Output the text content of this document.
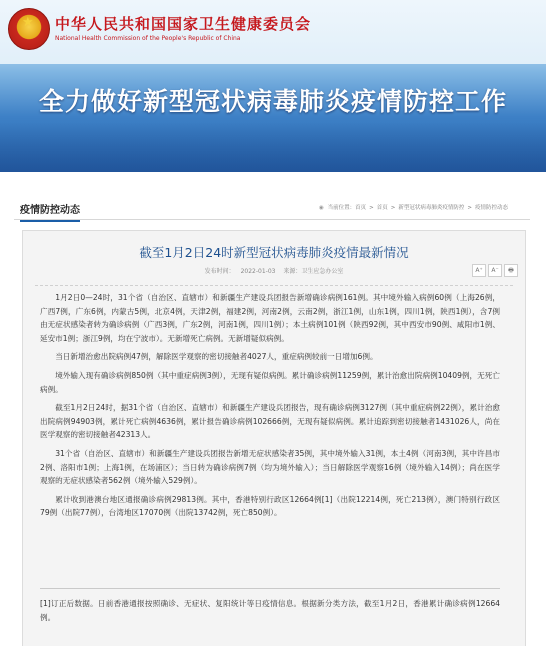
★ 中华人民共和国国家卫生健康委员会
National Health Commission of the People's Republic of China
全力做好新型冠状病毒肺炎疫情防控工作
疫情防控动态	◉ 当前位置：首页 > 首页 > 新型冠状病毒肺炎疫情防控 > 疫情防控动态
截至1月2日24时新型冠状病毒肺炎疫情最新情况
发布时间： 2022-01-03 来源：卫生应急办公室	A⁺	A⁻	🖶

1月2日0—24时，31个省（自治区、直辖市）和新疆生产建设兵团报告新增确诊病例161例。其中境外输入病例60例（上海26例，广西7例，广东6例，内蒙古5例，北京4例，天津2例，福建2例，河南2例，云南2例，浙江1例，山东1例，四川1例，陕西1例），含7例由无症状感染者转为确诊病例（广西3例，广东2例，河南1例，四川1例）；本土病例101例（陕西92例，其中西安市90例、咸阳市1例、延安市1例；浙江9例，均在宁波市）。无新增死亡病例。无新增疑似病例。

当日新增治愈出院病例47例，解除医学观察的密切接触者4027人，重症病例较前一日增加6例。

境外输入现有确诊病例850例（其中重症病例3例），无现有疑似病例。累计确诊病例11259例，累计治愈出院病例10409例，无死亡病例。

截至1月2日24时，据31个省（自治区、直辖市）和新疆生产建设兵团报告，现有确诊病例3127例（其中重症病例22例），累计治愈出院病例94903例，累计死亡病例4636例，累计报告确诊病例102666例，无现有疑似病例。累计追踪到密切接触者1431026人，尚在医学观察的密切接触者42313人。

31个省（自治区、直辖市）和新疆生产建设兵团报告新增无症状感染者35例，其中境外输入31例，本土4例（河南3例，其中许昌市2例、洛阳市1例；上海1例，在场浦区）；当日转为确诊病例7例（均为境外输入）；当日解除医学观察16例（境外输入14例）；尚在医学观察的无症状感染者562例（境外输入529例）。

累计收到港澳台地区通报确诊病例29813例。其中，香港特别行政区12664例[1]（出院12214例，死亡213例），澳门特别行政区79例（出院77例），台湾地区17070例（出院13742例，死亡850例）。

[1]订正后数据。日前香港通报按照确诊、无症状、复阳统计等日疫情信息。根据新分类方法，截至1月2日，香港累计确诊病例12664例。
